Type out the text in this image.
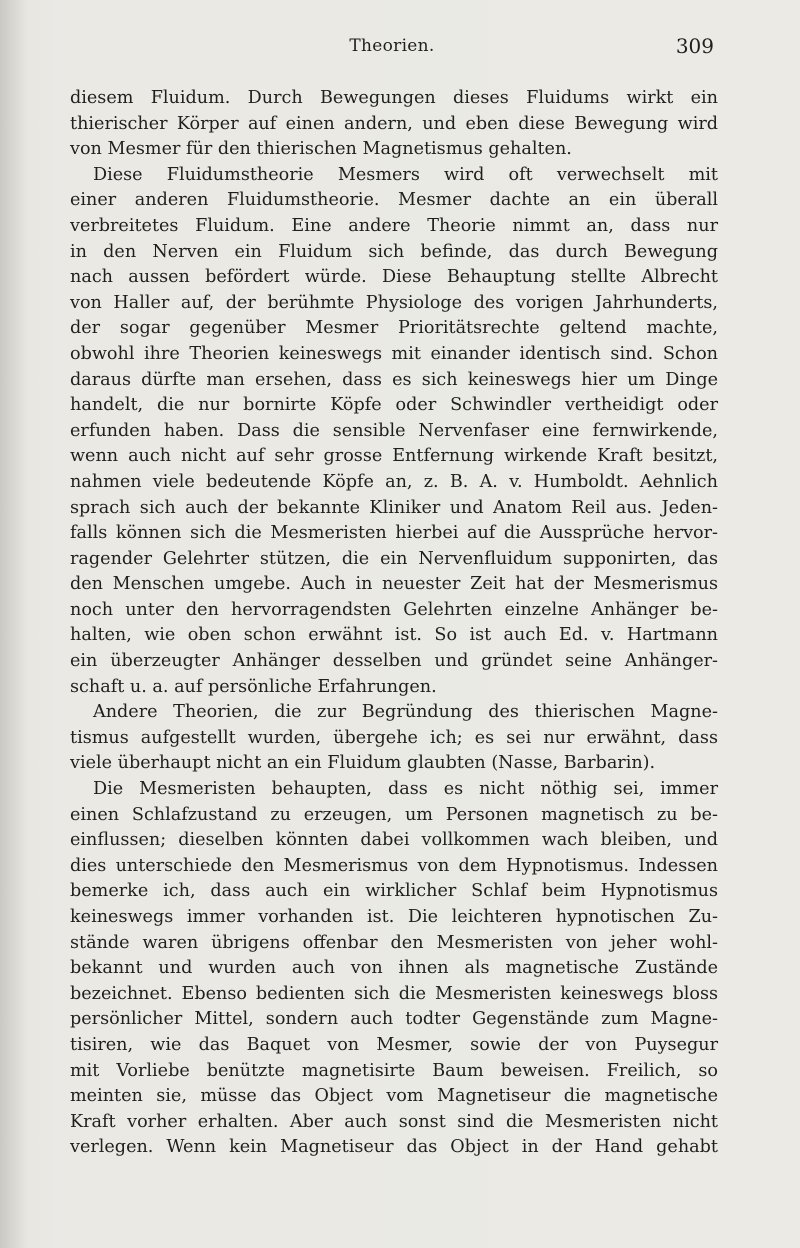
Theorien.	309
diesem Fluidum. Durch Bewegungen dieses Fluidums wirkt ein
thierischer Körper auf einen andern, und eben diese Bewegung wird
von Mesmer für den thierischen Magnetismus gehalten.
Diese Fluidumstheorie Mesmers wird oft verwechselt mit
einer anderen Fluidumstheorie. Mesmer dachte an ein überall
verbreitetes Fluidum. Eine andere Theorie nimmt an, dass nur
in den Nerven ein Fluidum sich befinde, das durch Bewegung
nach aussen befördert würde. Diese Behauptung stellte Albrecht
von Haller auf, der berühmte Physiologe des vorigen Jahrhunderts,
der sogar gegenüber Mesmer Prioritätsrechte geltend machte,
obwohl ihre Theorien keineswegs mit einander identisch sind. Schon
daraus dürfte man ersehen, dass es sich keineswegs hier um Dinge
handelt, die nur bornirte Köpfe oder Schwindler vertheidigt oder
erfunden haben. Dass die sensible Nervenfaser eine fernwirkende,
wenn auch nicht auf sehr grosse Entfernung wirkende Kraft besitzt,
nahmen viele bedeutende Köpfe an, z. B. A. v. Humboldt. Aehnlich
sprach sich auch der bekannte Kliniker und Anatom Reil aus. Jeden-
falls können sich die Mesmeristen hierbei auf die Aussprüche hervor-
ragender Gelehrter stützen, die ein Nervenfluidum supponirten, das
den Menschen umgebe. Auch in neuester Zeit hat der Mesmerismus
noch unter den hervorragendsten Gelehrten einzelne Anhänger be-
halten, wie oben schon erwähnt ist. So ist auch Ed. v. Hartmann
ein überzeugter Anhänger desselben und gründet seine Anhänger-
schaft u. a. auf persönliche Erfahrungen.
Andere Theorien, die zur Begründung des thierischen Magne-
tismus aufgestellt wurden, übergehe ich; es sei nur erwähnt, dass
viele überhaupt nicht an ein Fluidum glaubten (Nasse, Barbarin).
Die Mesmeristen behaupten, dass es nicht nöthig sei, immer
einen Schlafzustand zu erzeugen, um Personen magnetisch zu be-
einflussen; dieselben könnten dabei vollkommen wach bleiben, und
dies unterschiede den Mesmerismus von dem Hypnotismus. Indessen
bemerke ich, dass auch ein wirklicher Schlaf beim Hypnotismus
keineswegs immer vorhanden ist. Die leichteren hypnotischen Zu-
stände waren übrigens offenbar den Mesmeristen von jeher wohl-
bekannt und wurden auch von ihnen als magnetische Zustände
bezeichnet. Ebenso bedienten sich die Mesmeristen keineswegs bloss
persönlicher Mittel, sondern auch todter Gegenstände zum Magne-
tisiren, wie das Baquet von Mesmer, sowie der von Puysegur
mit Vorliebe benützte magnetisirte Baum beweisen. Freilich, so
meinten sie, müsse das Object vom Magnetiseur die magnetische
Kraft vorher erhalten. Aber auch sonst sind die Mesmeristen nicht
verlegen. Wenn kein Magnetiseur das Object in der Hand gehabt
